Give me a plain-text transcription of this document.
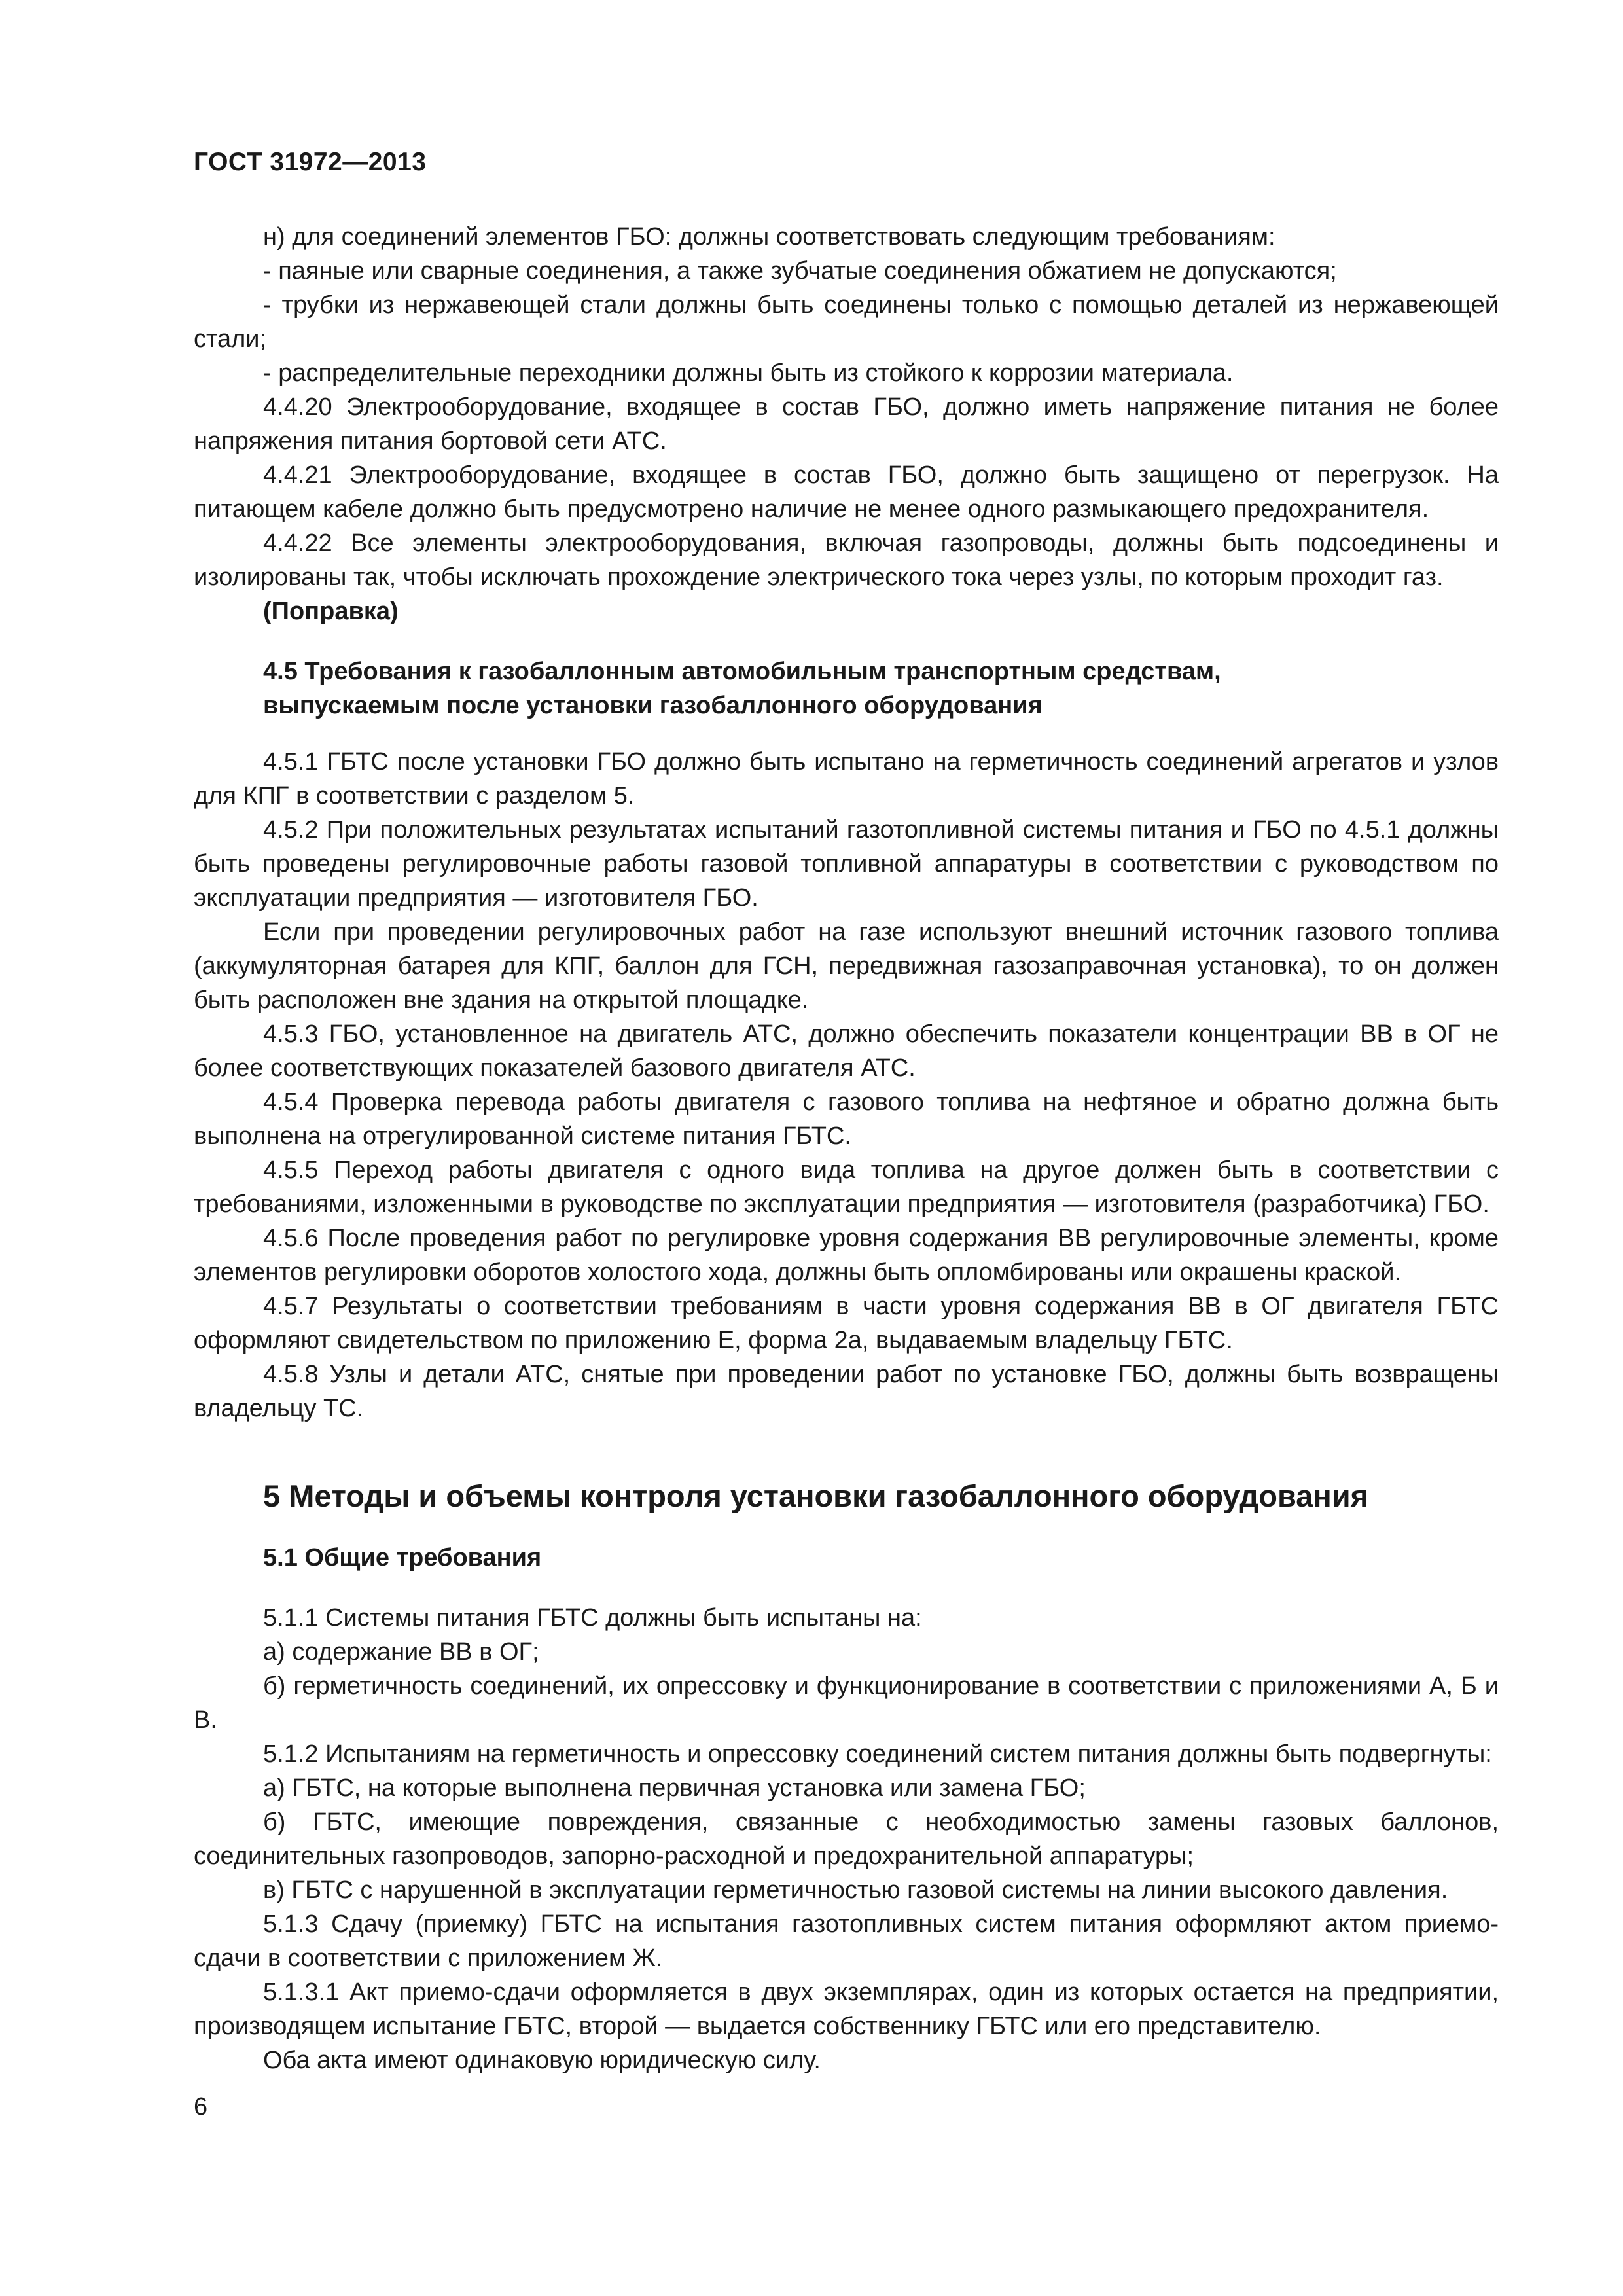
ГОСТ 31972—2013

н) для соединений элементов ГБО: должны соответствовать следующим требованиям:

- паяные или сварные соединения, а также зубчатые соединения обжатием не допускаются;

- трубки из нержавеющей стали должны быть соединены только с помощью деталей из нержавеющей стали;

- распределительные переходники должны быть из стойкого к коррозии материала.

4.4.20 Электрооборудование, входящее в состав ГБО, должно иметь напряжение питания не более напряжения питания бортовой сети АТС.

4.4.21 Электрооборудование, входящее в состав ГБО, должно быть защищено от перегрузок. На питающем кабеле должно быть предусмотрено наличие не менее одного размыкающего предохранителя.

4.4.22 Все элементы электрооборудования, включая газопроводы, должны быть подсоединены и изолированы так, чтобы исключать прохождение электрического тока через узлы, по которым проходит газ.

(Поправка)

4.5 Требования к газобаллонным автомобильным транспортным средствам, выпускаемым после установки газобаллонного оборудования

4.5.1 ГБТС после установки ГБО должно быть испытано на герметичность соединений агрегатов и узлов для КПГ в соответствии с разделом 5.

4.5.2 При положительных результатах испытаний газотопливной системы питания и ГБО по 4.5.1 должны быть проведены регулировочные работы газовой топливной аппаратуры в соответствии с руководством по эксплуатации предприятия — изготовителя ГБО.

Если при проведении регулировочных работ на газе используют внешний источник газового топлива (аккумуляторная батарея для КПГ, баллон для ГСН, передвижная газозаправочная установка), то он должен быть расположен вне здания на открытой площадке.

4.5.3 ГБО, установленное на двигатель АТС, должно обеспечить показатели концентрации ВВ в ОГ не более соответствующих показателей базового двигателя АТС.

4.5.4 Проверка перевода работы двигателя с газового топлива на нефтяное и обратно должна быть выполнена на отрегулированной системе питания ГБТС.

4.5.5 Переход работы двигателя с одного вида топлива на другое должен быть в соответствии с требованиями, изложенными в руководстве по эксплуатации предприятия — изготовителя (разработчика) ГБО.

4.5.6 После проведения работ по регулировке уровня содержания ВВ регулировочные элементы, кроме элементов регулировки оборотов холостого хода, должны быть опломбированы или окрашены краской.

4.5.7 Результаты о соответствии требованиям в части уровня содержания ВВ в ОГ двигателя ГБТС оформляют свидетельством по приложению Е, форма 2а, выдаваемым владельцу ГБТС.

4.5.8 Узлы и детали АТС, снятые при проведении работ по установке ГБО, должны быть возвращены владельцу ТС.

5 Методы и объемы контроля установки газобаллонного оборудования
5.1 Общие требования

5.1.1 Системы питания ГБТС должны быть испытаны на:

а) содержание ВВ в ОГ;

б) герметичность соединений, их опрессовку и функционирование в соответствии с приложениями А, Б и В.

5.1.2 Испытаниям на герметичность и опрессовку соединений систем питания должны быть подвергнуты:

а) ГБТС, на которые выполнена первичная установка или замена ГБО;

б) ГБТС, имеющие повреждения, связанные с необходимостью замены газовых баллонов, соединительных газопроводов, запорно-расходной и предохранительной аппаратуры;

в) ГБТС с нарушенной в эксплуатации герметичностью газовой системы на линии высокого давления.

5.1.3 Сдачу (приемку) ГБТС на испытания газотопливных систем питания оформляют актом приемо-сдачи в соответствии с приложением Ж.

5.1.3.1 Акт приемо-сдачи оформляется в двух экземплярах, один из которых остается на предприятии, производящем испытание ГБТС, второй — выдается собственнику ГБТС или его представителю.

Оба акта имеют одинаковую юридическую силу.

6
